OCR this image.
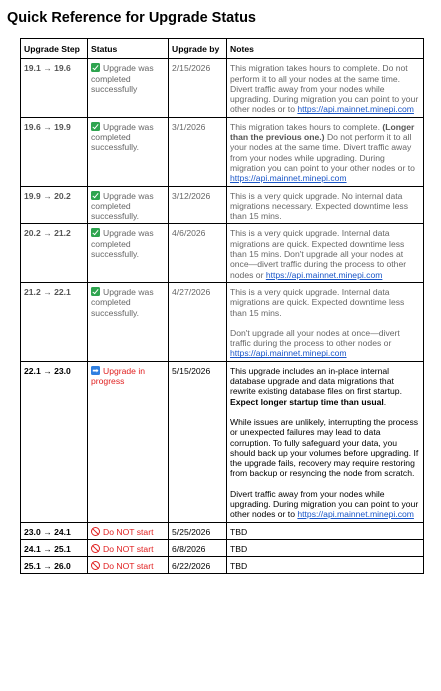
Quick Reference for Upgrade Status
Upgrade Step	Status	Upgrade by	Notes
19.1 → 19.6	Upgrade was completed successfully	2/15/2026	This migration takes hours to complete. Do not perform it to all your nodes at the same time. Divert traffic away from your nodes while upgrading. During migration you can point to your other nodes or to https://api.mainnet.minepi.com

19.6 → 19.9	Upgrade was completed successfully.	3/1/2026	This migration takes hours to complete. (Longer than the previous one.) Do not perform it to all your nodes at the same time. Divert traffic away from your nodes while upgrading. During migration you can point to your other nodes or to https://api.mainnet.minepi.com

19.9 → 20.2	Upgrade was completed successfully.	3/12/2026	This is a very quick upgrade. No internal data migrations necessary. Expected downtime less than 15 mins.

20.2 → 21.2	Upgrade was completed successfully.	4/6/2026	This is a very quick upgrade. Internal data migrations are quick. Expected downtime less than 15 mins. Don't upgrade all your nodes at once—divert traffic during the process to other nodes or https://api.mainnet.minepi.com

21.2 → 22.1	Upgrade was completed successfully.	4/27/2026	This is a very quick upgrade. Internal data migrations are quick. Expected downtime less than 15 mins.

Don't upgrade all your nodes at once—divert traffic during the process to other nodes or https://api.mainnet.minepi.com

22.1 → 23.0	➡Upgrade in progress	5/15/2026	This upgrade includes an in-place internal database upgrade and data migrations that rewrite existing database files on first startup. Expect longer startup time than usual.

While issues are unlikely, interrupting the process or unexpected failures may lead to data corruption. To fully safeguard your data, you should back up your volumes before upgrading. If the upgrade fails, recovery may require restoring from backup or resyncing the node from scratch.

Divert traffic away from your nodes while upgrading. During migration you can point to your other nodes or to https://api.mainnet.minepi.com

23.0 → 24.1	Do NOT start	5/25/2026	TBD
24.1 → 25.1	Do NOT start	6/8/2026	TBD
25.1 → 26.0	Do NOT start	6/22/2026	TBD
